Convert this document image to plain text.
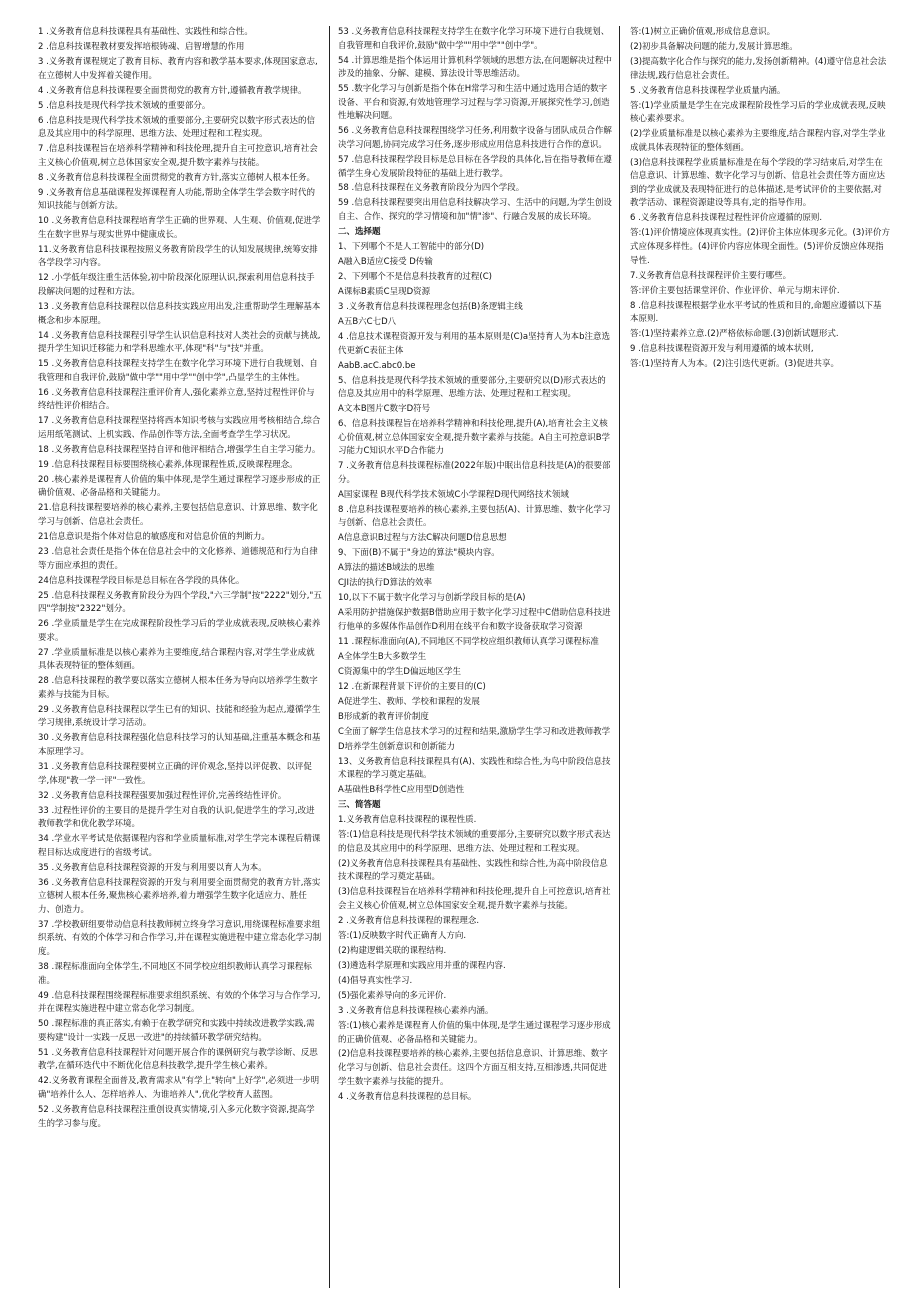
1 .义务教育信息科技课程具有基础性、实践性和综合性。
2 .信息科技课程教材要发挥培根铸魂、启智增慧的作用
3 .义务教育课程规定了教育目标、教育内容和教学基本要求,体现国家意志,在立德树人中发挥着关键作用。
4 .义务教育信息科技课程要全面贯彻党的教育方针,遵循教育教学规律。
5 .信息科技是现代科学技术领域的重要部分。
6 .信息科技是现代科学技术领域的重要部分,主要研究以数字形式表达的信息及其应用中的科学原理、思维方法、处理过程和工程实现。
7 .信息科技课程旨在培养科学精神和科技伦理,提升自主可控意识,培育社会主义核心价值观,树立总体国家安全观,提升数字素养与技能。
8 .义务教育信息科技课程全面贯彻党的教育方针,落实立德树人根本任务。
9 .义务教育信息基础课程发挥课程育人功能,帮助全体学生学会数字时代的知识技能与创新方法。
10 .义务教育信息科技课程培育学生正确的世界观、人生观、价值观,促进学生在数字世界与现实世界中健康成长。
11.义务教育信息科技课程按照义务教育阶段学生的认知发展规律,统筹安排各学段学习内容。
12 .小学低年级注重生活体验,初中阶段深化原理认识,探索利用信息科技手段解决问题的过程和方法。
13 .义务教育信息科技课程以信息科技实践应用出发,注重帮助学生理解基本概念和步本原理。
14 .义务教育信息科技课程引导学生认识信息科技对人类社会的贡献与挑战,提升学生知识迁移能力和学科思维水平,体现"科"与"技"并重。
15 .义务教育信息科技课程支持学生在数字化学习环境下进行自我规划、自我管理和自我评价,鼓励"做中学""用中学""创中学",凸显学生的主体性。
16 .义务教育信息科技课程注重评价育人,强化素养立意,坚持过程性评价与终结性评价相结合。
17 .义务教育信息科技课程坚持将西本知识考核与实践应用考核相结合,综合运用纸笔测试、上机实践、作品创作等方法,全面考查学生学习状况。
18 .义务教育信息科技课程坚持自评和他评相结合,增强学生自主学习能力。
19 .信息科技课程目标要围绕核心素养,体现课程性质,反映课程理念。
20 .核心素养是课程育人价值的集中体现,是学生通过课程学习逐步形成的正确价值观、必备品格和关键能力。
21.信息科技课程要培养的核心素养,主要包括信息意识、计算思维、数字化学习与创新、信息社会责任。
21信息意识是指个体对信息的敏感度和对信息价值的判断力。
23 .信息社会责任是指个体在信息社会中的文化修养、道德规范和行为自律等方面应承担的责任。
24信息科技课程学段目标是总目标在各学段的具体化。
25 .信息科技课程义务教育阶段分为四个学段,"六三学制"按"2222"划分,"五四"学制按"2322"划分。
26 .学业质量是学生在完成课程阶段性学习后的学业成就表现,反映核心素养要求。
27 .学业质量标准是以核心素养为主要维度,结合课程内容,对学生学业成就具体表现特征的整体刻画。
28 .信息科技课程的教学要以落实立德树人根本任务为导向以培养学生数字素养与技能为目标。
29 .义务教育信息科技课程以学生已有的知识、技能和经验为起点,遵循学生学习规律,系统设计学习活动。
30 .义务教育信息科技课程强化信息科技学习的认知基础,注重基本概念和基本原理学习。
31 .义务教育信息科技课程要树立正确的评价观念,坚持以评促教、以评促学,体现"教一学一评"一致性。
32 .义务教育信息科技课程强要加强过程性评价,完善终结性评价。
33 .过程性评价的主要目的是提升学生对自我的认识,促进学生的学习,改进教师教学和优化教学环境。
34 .学业水平考试是依据课程内容和学业质量标准,对学生学完本课程后精课程目标达成度进行的省级考试。
35 .义务教育信息科技课程资源的开发与利用要以育人为本。
36 .义务教育信息科技课程资源的开发与利用要全面贯彻党的教育方针,落实立德树人根本任务,聚焦核心素养培养,着力增强学生数字化适应力、胜任力、创造力。
37 .学校教研组要带动信息科技教师树立终身学习意识,用绕课程标准要求组织系统、有效的个体学习和合作学习,并在课程实施进程中建立常态化学习制度。
38 .课程标准面向全体学生,不同地区不同学校应组织教师认真学习课程标准。
49 .信息科技课程围绕课程标准要求组织系统、有效的个体学习与合作学习,并在课程实施进程中建立常态化学习制度。
50 .课程标准的真正落实,有赖于在教学研究和实践中持续改进教学实践,需要构建"设计一实践一反思一改进"的持续循环教学研究结构。
51 .义务教育信息科技课程针对问题开展合作的课例研究与教学诊断、反思教学,在循环迭代中不断优化信息科技教学,提升学生核心素养。
42.义务教育课程全面普及,教育需求从"有学上"转向"上好学",必须进一步明确"培养什么人、怎样培养人、为谁培养人",优化学校育人蓝图。
52 .义务教育信息科技课程注重创设真实情境,引入多元化数字资源,提高学生的学习参与度。
53 .义务教育信息科技课程支持学生在数字化学习环境下进行自我规划、自我管理和自我评价,鼓励"做中学""用中学""创中学"。
54 .计算思维是指个体运用计算机科学领域的思想方法,在问题解决过程中涉及的抽象、分解、建模、算法设计等思维活动。
55 .数字化学习与创新是指个体在H常学习和生活中通过选用合适的数字设备、平台和资源,有效地管理学习过程与学习资源,开展探究性学习,创造性地解决问题。
56 .义务教育信息科技课程围绕学习任务,利用数字设备与团队成员合作解决学习问题,协同完成学习任务,逐步形成应用信息科技进行合作的意识。
57 .信息科技课程学段目标是总目标在各学段的具体化,旨在指导教师在遵循学生身心发展阶段特征的基础上进行教学。
58 .信息科技课程在义务教育阶段分为四个学段。
59 .信息科技课程要突出用信息科技解决学习、生活中的问题,为学生创设自主、合作、探究的学习情境和加"情"渗"、行融合发展的成长环境。
二、选择题
1、下列哪个不是人工智能中的部分(D)
A融入B适应C接受 D传输
2、下列哪个不是信息科技教育的过程(C)
A课标B素质C呈现D资源
3 .义务教育信息科技课程理念包括(B)条逻辑主线
A五B六C七D八
4 .信息技术课程资源开发与利用的基本原则是(C)a坚持育人为本b注意选代更新C表征主体
AabB.acC.abc0.be
5、信息科技是现代科学技术领域的重要部分,主要研究以(D)形式表达的信息及其应用中的科学原理、思维方法、处理过程和工程实现。
A文本B图片C数字D符号
6、信息科技课程旨在培养科学精神和科技伦理,提升(A),培育社会主义核心价值观,树立总体国家安全观,提升数字素养与技能。A自主可控意识B学习能力C知识水平D合作能力
7 .义务教育信息科技课程标准(2022年版)中眠出信息科技是(A)的很要部分。
A国家课程 B现代科学技术领域C小学课程D现代网络技术领域
8 .信息科技课程要培养的核心素养,主要包括(A)、计算思维、数字化学习与创新、信息社会责任。
A信息意识B过程与方法C解决问题D信息思想
9、下面(B)不属于"身边的算法"模块内容。
A算法的描述B域法的思维
CJI法的执行D算法的效率
10,以下不属于数字化学习与创新学段目标的是(A)
A采用防护措施保护数据B借助应用于数字化学习过程中C借助信息科技进行他单的多媒体作品创作D利用在线平台和数字设备获取学习资源
11 .课程标准面向(A),不同地区不同学校应组织教师认真学习课程标准
A全体学生B大多数学生
C资源集中的学生D偏远地区学生
12 .在新课程背景下评价的主要目的(C)
A促进学生、教师、学校和课程的发展
B形成新的教育评价制度
C全面了解学生信息技术学习的过程和结果,激励学生学习和改进教师教学
D培养学生创新意识和创新能力
13、义务教育信息科技课程具有(A)、实践性和综合性,为鸟中阶段信息技术课程的学习奠定基础。
A基础性B科学性C应用型D创造性
三、简答题
1.义务教育信息科技课程的课程性质.
答:(1)信息科技是现代科学技术领域的重要部分,主要研究以数字形式表达的信息及其应用中的科学原理、思维方法、处理过程和工程实现。
(2)义务教育信息科技课程具有基础性、实践性和综合性,为高中阶段信息技术课程的学习奠定基础。
(3)信息科技课程旨在培养科学精神和科技伦理,提升自上可控意识,培育社会主义核心价值观,树立总体国家安全观,提升数字素养与技能。
2 .义务教育信息科技课程的课程理念.
答:(1)反映数字时代正确育人方向.
(2)构建逻辑关联的课程结构.
(3)遴选科学原理和实践应用并重的课程内容.
(4)倡导真实性学习.
(5)强化素养导向的多元评价.
3 .义务教育信息科技课程核心素养内涵。
答:(1)核心素养是课程育人价值的集中体现,是学生通过课程学习逐步形成的正确价值观、必备品格和关键能力。
(2)信息科技课程要培养的核心素养,主要包括信息意识、计算思维、数字化学习与创新、信息社会责任。这四个方面互相支持,互相渗透,共同促进学生数字素养与技能的提升。
4 .义务教育信息科技课程的总目标。
答:(1)树立正确价值观,形成信息意识。
(2)初步具备解决问题的能力,发展计算思维。
(3)提高数字化合作与探究的能力,发扬创新精神。(4)遵守信息社会法律法规,践行信息社会责任。
5 .义务教育信息科技课程学业质量内涵。
答:(1)学业质量是学生在完成课程阶段性学习后的学业成就表现,反映核心素养要求。
(2)学业质量标准是以核心素养为主要维度,结合课程内容,对学生学业成就具体表现特征的整体刻画。
(3)信息科技课程学业质量标准是在每个学段的学习结束后,对学生在信息意识、计算思维、数字化学习与创新、信息社会责任等方面应达到的学业成就及表现特征进行的总体描述,是考试评价的主要依据,对教学活动、课程资源建设等具有,定的指导作用。
6 .义务教育信息科技课程过程性评价应遵循的原则.
答:(1)评价情境应体现真实性。(2)评价主体应体现多元化。(3)评价方式应体现多样性。(4)评价内容应体现全面性。(5)评价反馈应体现指导性.
7.义务教育信息科技课程评价主要行哪些。
答:评价主要包括课堂评价、作业评价、单元与期末评价.
8 .信息科技课程根据学业水平考试的性质和目的,命题应遵循以下基本原则.
答:(1)坚持素养立意.(2)严格依标命题.(3)创新试题形式.
9 .信息科技课程资源开发与利用遵循的域本状则,
答:(1)坚持育人为本。(2)注引迭代更新。(3)促进共享。
